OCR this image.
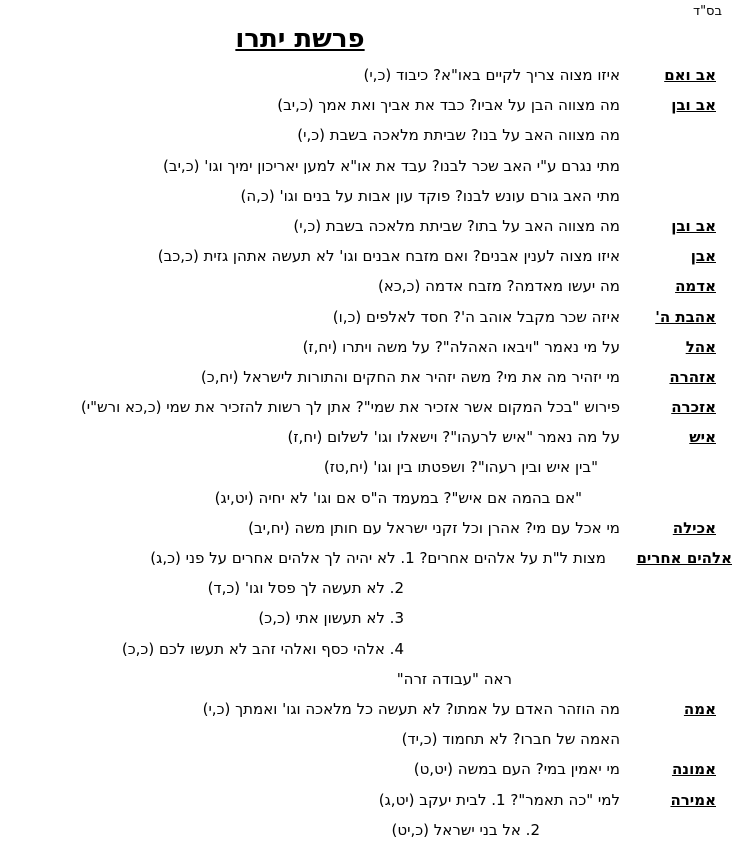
בס"ד
פרשת יתרו
אב ואם
איזו מצוה צריך לקיים באו"א? כיבוד (כ,י)
אב ובן
מה מצווה הבן על אביו? כבד את אביך ואת אמך (כ,יב)
מה מצווה האב על בנו? שביתת מלאכה בשבת (כ,י)
מתי נגרם ע"י האב שכר לבנו? עבד את או"א למען יאריכון ימיך וגו' (כ,יב)
מתי האב גורם עונש לבנו? פוקד עון אבות על בנים וגו' (כ,ה)
אב ובן
מה מצווה האב על בתו? שביתת מלאכה בשבת (כ,י)
אבן
איזו מצוה לענין אבנים? ואם מזבח אבנים וגו' לא תעשה אתהן גזית (כ,כב)
אדמה
מה יעשו מאדמה? מזבח אדמה (כ,כא)
אהבת ה'
איזה שכר מקבל אוהב ה'? חסד לאלפים (כ,ו)
אהל
על מי נאמר "ויבאו האהלה"? על משה ויתרו (יח,ז)
אזהרה
מי יזהיר מה את מי? משה יזהיר את החקים והתורות לישראל (יח,כ)
אזכרה
פירוש "בכל המקום אשר אזכיר את שמי"? אתן לך רשות להזכיר את שמי (כ,כא ורש"י)
איש
על מה נאמר "איש לרעהו"? וישאלו וגו' לשלום (יח,ז)
"בין איש ובין רעהו"? ושפטתו בין וגו' (יח,טז)
"אם בהמה אם איש"? במעמד ה"ס אם וגו' לא יחיה (יט,יג)
אכילה
מי אכל עם מי? אהרן וכל זקני ישראל עם חותן משה (יח,יב)
אלהים אחרים
מצות ל"ת על אלהים אחרים? 1. לא יהיה לך אלהים אחרים על פני (כ,ג)
2. לא תעשה לך פסל וגו' (כ,ד)
3. לא תעשון אתי (כ,כ)
4. אלהי כסף ואלהי זהב לא תעשו לכם (כ,כ)
ראה "עבודה זרה"
אמה
מה הוזהר האדם על אמתו? לא תעשה כל מלאכה וגו' ואמתך (כ,י)
האמה של חברו? לא תחמוד (כ,יד)
אמונה
מי יאמין במי? העם במשה (יט,ט)
אמירה
למי "כה תאמר"? 1. לבית יעקב (יט,ג)
2. אל בני ישראל (כ,יט)
